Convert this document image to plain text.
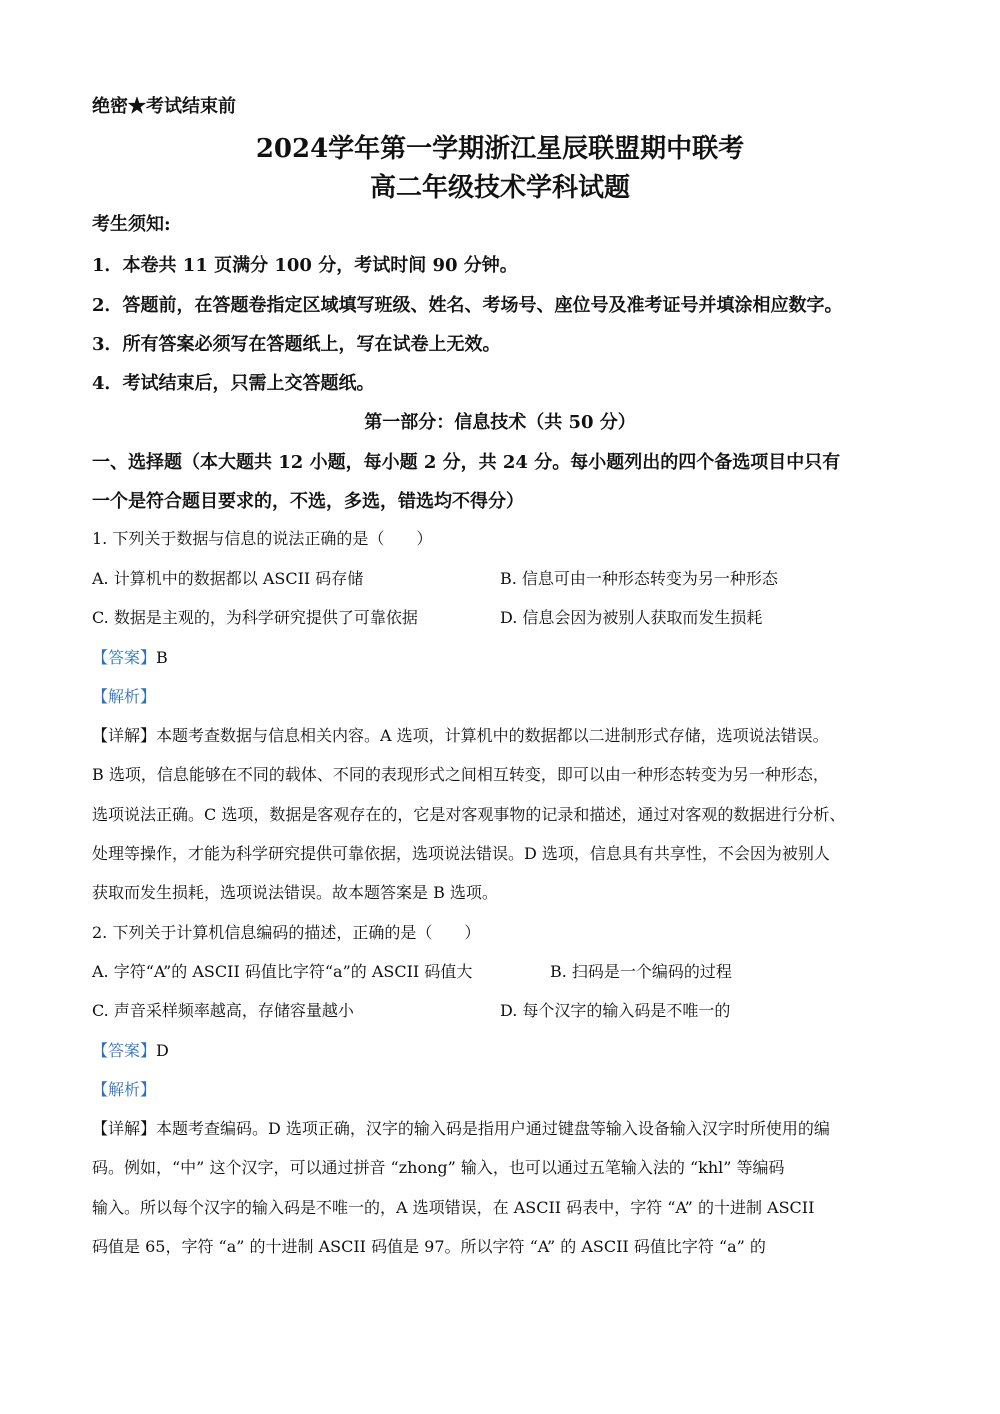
绝密★考试结束前
2024学年第一学期浙江星辰联盟期中联考
高二年级技术学科试题
考生须知:
1．本卷共 11 页满分 100 分，考试时间 90 分钟。
2．答题前，在答题卷指定区域填写班级、姓名、考场号、座位号及准考证号并填涂相应数字。
3．所有答案必须写在答题纸上，写在试卷上无效。
4．考试结束后，只需上交答题纸。
第一部分：信息技术（共 50 分）
一、选择题（本大题共 12 小题，每小题 2 分，共 24 分。每小题列出的四个备选项目中只有
一个是符合题目要求的，不选，多选，错选均不得分）
1. 下列关于数据与信息的说法正确的是（　　）
A. 计算机中的数据都以 ASCII 码存储	B. 信息可由一种形态转变为另一种形态
C. 数据是主观的，为科学研究提供了可靠依据	D. 信息会因为被别人获取而发生损耗
【答案】B
【解析】
【详解】本题考查数据与信息相关内容。A 选项，计算机中的数据都以二进制形式存储，选项说法错误。
B 选项，信息能够在不同的载体、不同的表现形式之间相互转变，即可以由一种形态转变为另一种形态，
选项说法正确。C 选项，数据是客观存在的，它是对客观事物的记录和描述，通过对客观的数据进行分析、
处理等操作，才能为科学研究提供可靠依据，选项说法错误。D 选项，信息具有共享性，不会因为被别人
获取而发生损耗，选项说法错误。故本题答案是 B 选项。
2. 下列关于计算机信息编码的描述，正确的是（　　）
A. 字符“A”的 ASCII 码值比字符“a”的 ASCII 码值大	B. 扫码是一个编码的过程
C. 声音采样频率越高，存储容量越小	D. 每个汉字的输入码是不唯一的
【答案】D
【解析】
【详解】本题考查编码。D 选项正确，汉字的输入码是指用户通过键盘等输入设备输入汉字时所使用的编
码。例如，“中” 这个汉字，可以通过拼音 “zhong” 输入，也可以通过五笔输入法的 “khl” 等编码
输入。所以每个汉字的输入码是不唯一的，A 选项错误，在 ASCII 码表中，字符 “A” 的十进制 ASCII
码值是 65，字符 “a” 的十进制 ASCII 码值是 97。所以字符 “A” 的 ASCII 码值比字符 “a” 的
